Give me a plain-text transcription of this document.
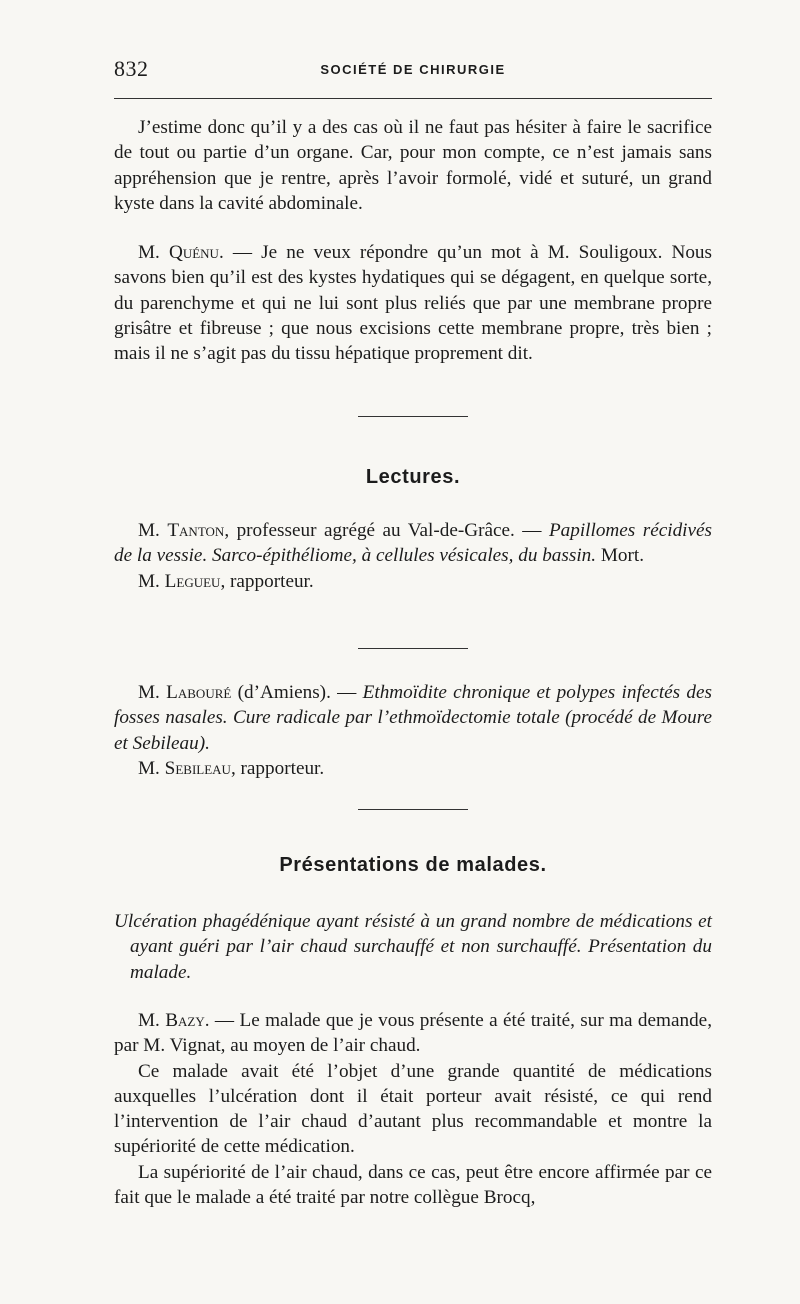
832	SOCIÉTÉ DE CHIRURGIE

J’estime donc qu’il y a des cas où il ne faut pas hésiter à faire le sacrifice de tout ou partie d’un organe. Car, pour mon compte, ce n’est jamais sans appréhension que je rentre, après l’avoir formolé, vidé et suturé, un grand kyste dans la cavité abdominale.

M. Quénu. — Je ne veux répondre qu’un mot à M. Souligoux. Nous savons bien qu’il est des kystes hydatiques qui se dégagent, en quelque sorte, du parenchyme et qui ne lui sont plus reliés que par une membrane propre grisâtre et fibreuse ; que nous excisions cette membrane propre, très bien ; mais il ne s’agit pas du tissu hépatique proprement dit.

Lectures.

M. Tanton, professeur agrégé au Val-de-Grâce. — Papillomes récidivés de la vessie. Sarco-épithéliome, à cellules vésicales, du bassin. Mort.

M. Legueu, rapporteur.

M. Labouré (d’Amiens). — Ethmoïdite chronique et polypes infectés des fosses nasales. Cure radicale par l’ethmoïdectomie totale (procédé de Moure et Sebileau).

M. Sebileau, rapporteur.

Présentations de malades.

Ulcération phagédénique ayant résisté à un grand nombre de médications et ayant guéri par l’air chaud surchauffé et non surchauffé. Présentation du malade.

M. Bazy. — Le malade que je vous présente a été traité, sur ma demande, par M. Vignat, au moyen de l’air chaud.

Ce malade avait été l’objet d’une grande quantité de médications auxquelles l’ulcération dont il était porteur avait résisté, ce qui rend l’intervention de l’air chaud d’autant plus recommandable et montre la supériorité de cette médication.

La supériorité de l’air chaud, dans ce cas, peut être encore affirmée par ce fait que le malade a été traité par notre collègue Brocq,
